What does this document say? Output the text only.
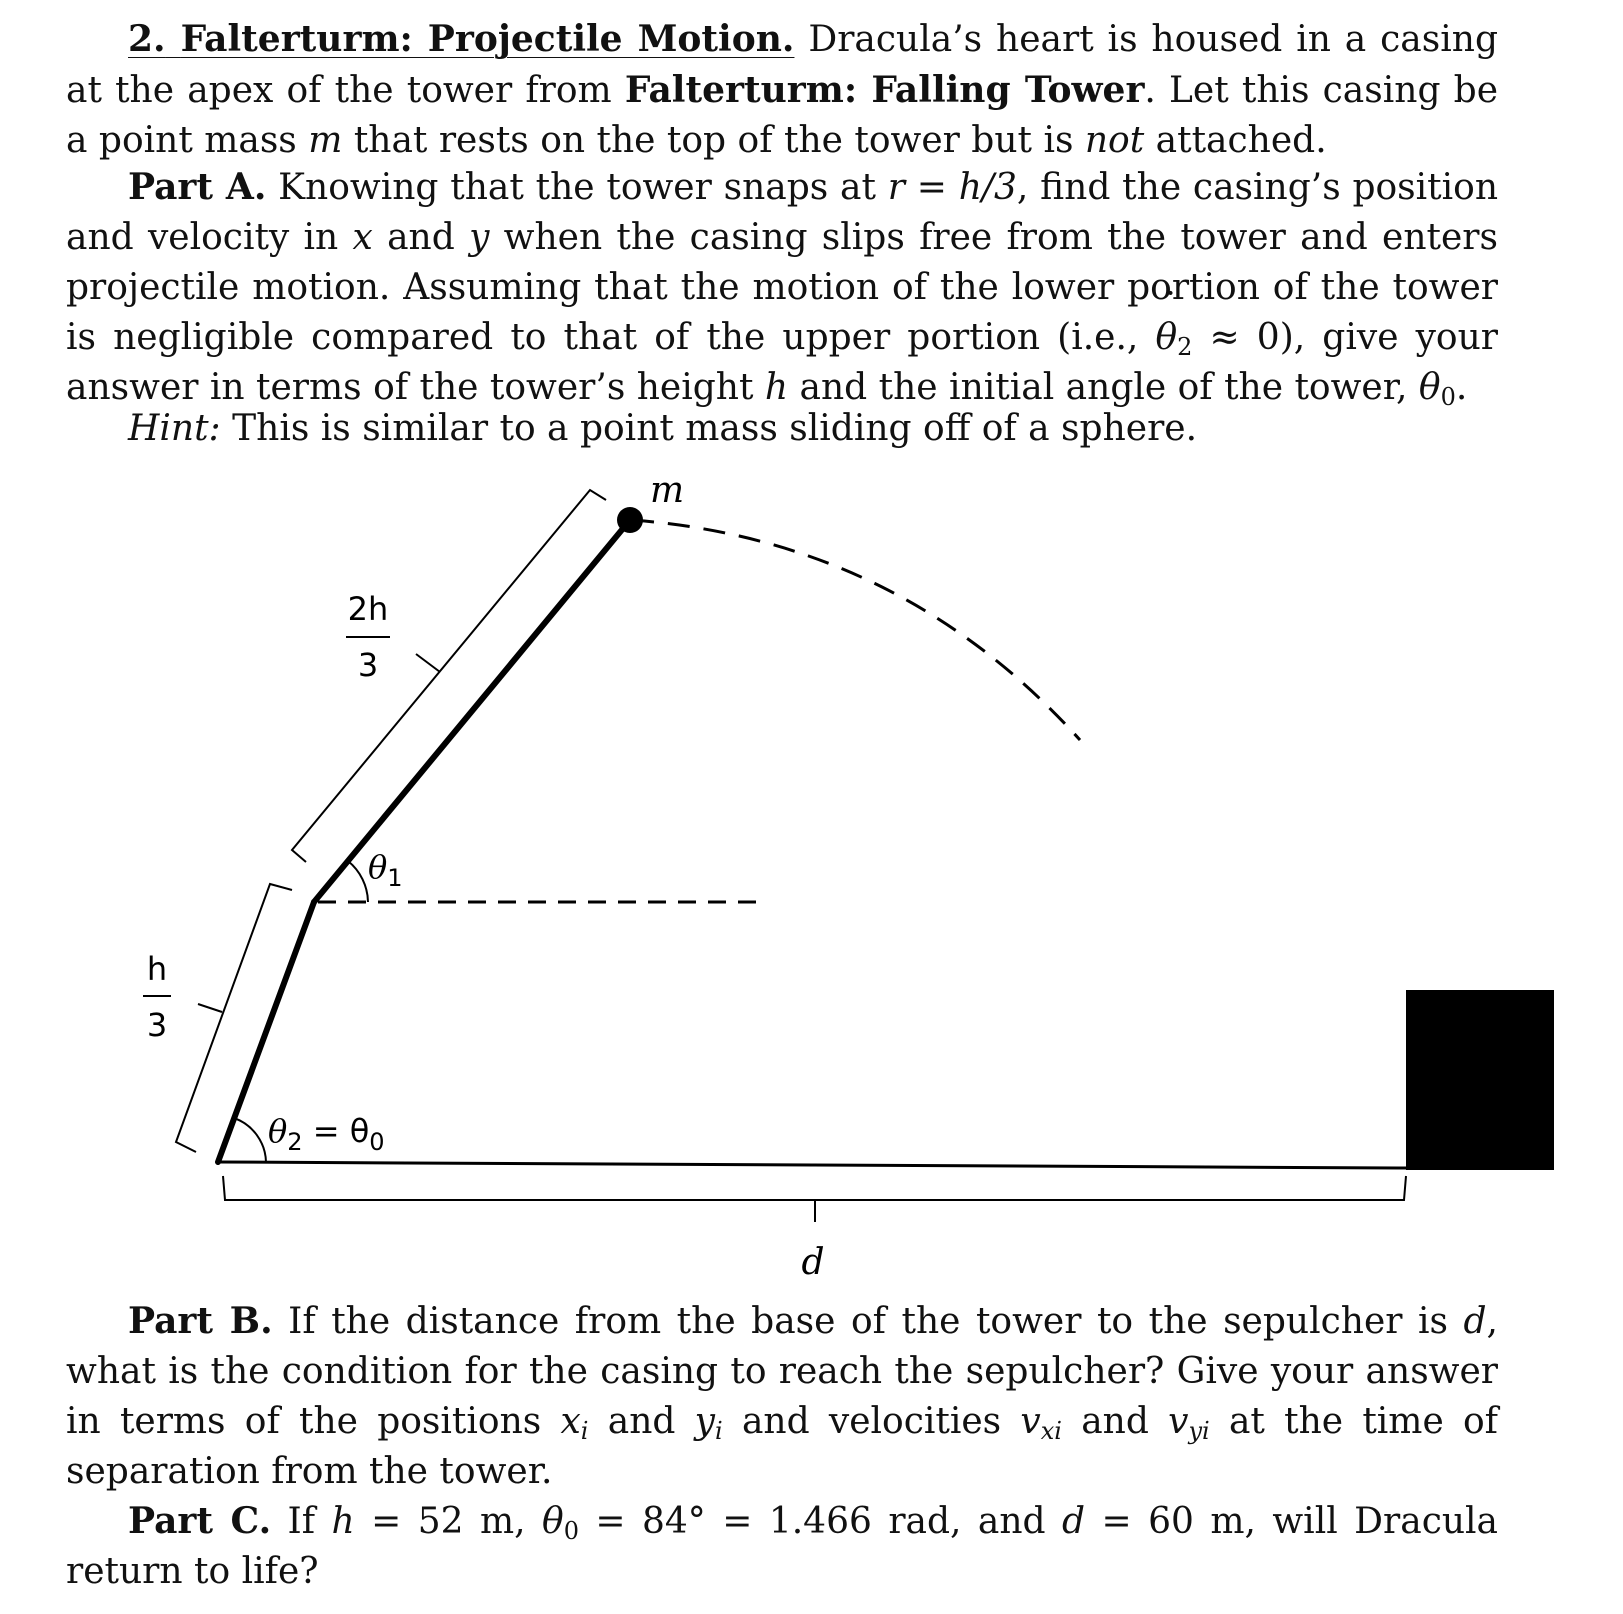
2. Falterturm: Projectile Motion. Dracula’s heart is housed in a casing at the apex of the tower from Falterturm: Falling Tower. Let this casing be a point mass m that rests on the top of the tower but is not attached.
Part A. Knowing that the tower snaps at r = h/3, find the casing’s position and velocity in x and y when the casing slips free from the tower and enters projectile motion. Assuming that the motion of the lower portion of the tower is negligible compared to that of the upper portion (i.e., ˙ $\theta_2 \approx 0$), give your answer in terms of the tower’s height h and the initial angle of the tower, $\theta_0$.
Hint: This is similar to a point mass sliding off of a sphere.
m
2h
3
h
3
$\theta_1$
$\theta_2 = \theta_0$
d
Part B. If the distance from the base of the tower to the sepulcher is d, what is the condition for the casing to reach the sepulcher? Give your answer in terms of the positions $x_i$ and $y_i$ and velocities $v_{xi}$ and $v_{yi}$ at the time of separation from the tower.
Part C. If h = 52 m, $\theta_0 = 84^\circ = 1.466$ rad, and d = 60 m, will Dracula return to life?
